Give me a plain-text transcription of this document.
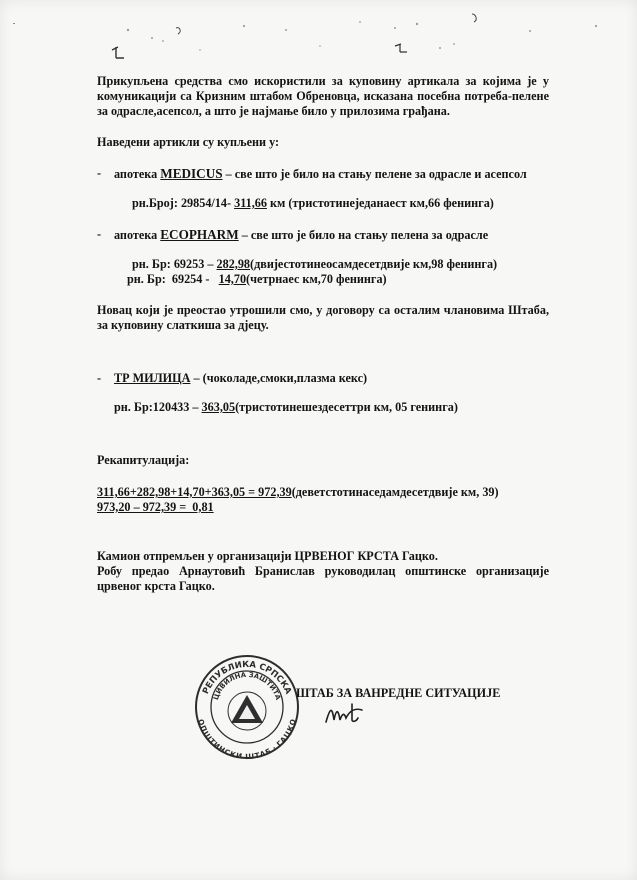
Прикупљена средства смо искористили за куповину артикала за којима је у комуникацији са Кризним штабом Обреновца, исказана посебна потреба-пелене за одрасле,асепсол, а што је најмање било у прилозима грађана.

Наведени артикли су купљени у:

- апотека MEDICUS – све што је било на стању пелене за одрасле и асепсол
рн.Број: 29854/14- 311,66 км (тристотинеједанаест км,66 фенинга)
- апотека ECOPHARM – све што је било на стању пелена за одрасле
рн. Бр: 69253 – 282,98(двијестотинеосамдесетдвије км,98 фенинга)
рн. Бр:  69254 -   14,70(четрнаес км,70 фенинга)

Новац који је преостао утрошили смо, у договору са осталим члановима Штаба, за куповину слаткиша за дјецу.

- ТР МИЛИЦА – (чоколаде,смоки,плазма кекс)
рн. Бр:120433 – 363,05(тристотинешездесеттри км, 05 генинга)

Рекапитулација:

311,66+282,98+14,70+363,05 = 972,39(деветстотинаседамдесетдвије км, 39)
973,20 – 972,39 =  0,81

Камион отпремљен у организацији ЦРВЕНОГ КРСТА Гацко.

Робу предао Арнаутовић Бранислав руководилац општинске организације црвеног крста Гацко.

РЕПУБЛИКА СРПСКА
ЦИВИЛНА ЗАШТИТА
ОПШТИНСКИ ШТАБ · ГАЦКО
ШТАБ ЗА ВАНРЕДНЕ СИТУАЦИЈЕ
